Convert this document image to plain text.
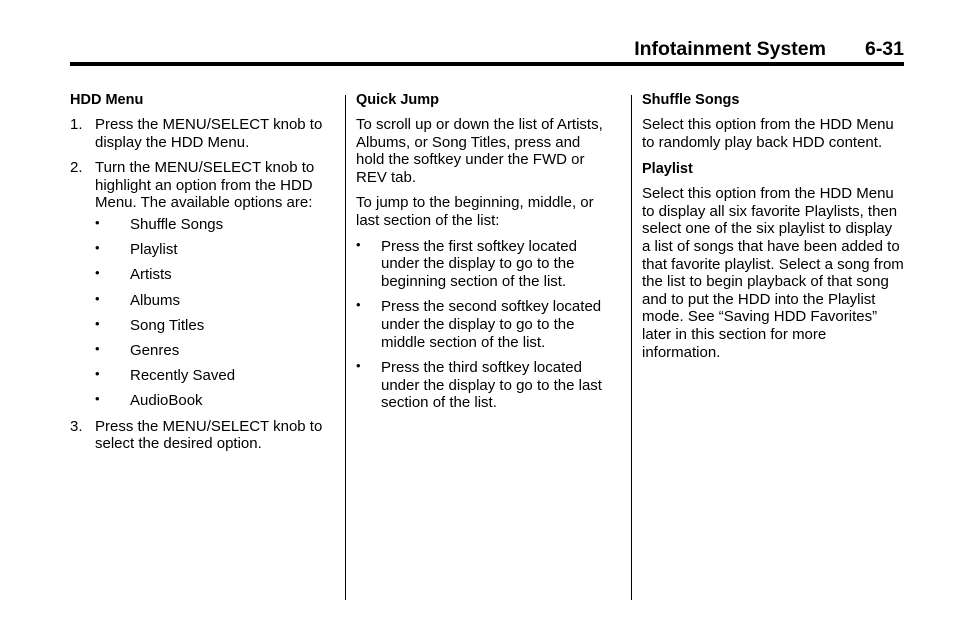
Infotainment System 6-31
HDD Menu
1. Press the MENU/SELECT knob to display the HDD Menu.
2. Turn the MENU/SELECT knob to highlight an option from the HDD Menu. The available options are:
• Shuffle Songs
• Playlist
• Artists
• Albums
• Song Titles
• Genres
• Recently Saved
• AudioBook
3. Press the MENU/SELECT knob to select the desired option.
Quick Jump

To scroll up or down the list of Artists, Albums, or Song Titles, press and hold the softkey under the FWD or REV tab.

To jump to the beginning, middle, or last section of the list:

• Press the first softkey located under the display to go to the beginning section of the list.
• Press the second softkey located under the display to go to the middle section of the list.
• Press the third softkey located under the display to go to the last section of the list.
Shuffle Songs

Select this option from the HDD Menu to randomly play back HDD content.

Playlist

Select this option from the HDD Menu to display all six favorite Playlists, then select one of the six playlist to display a list of songs that have been added to that favorite playlist. Select a song from the list to begin playback of that song and to put the HDD into the Playlist mode. See “Saving HDD Favorites” later in this section for more information.
